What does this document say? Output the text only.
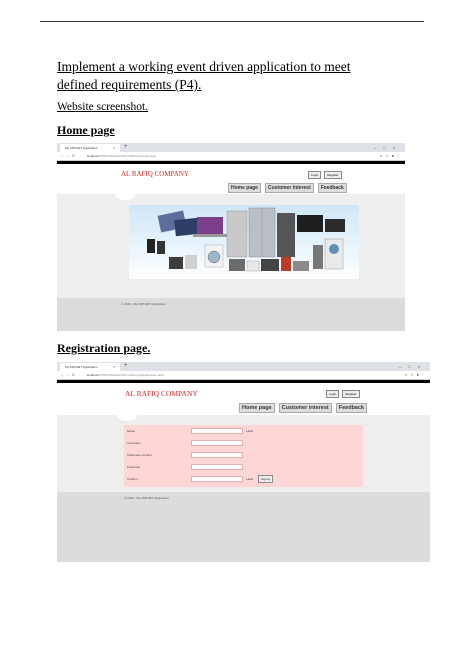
Implement a working event driven application to meet defined requirements (P4).
Website screenshot.
Home page
My ASP.NET Application	× +	–□×
←→C	localhost:55051/WebSite%20-%20Copy/Home.aspx	⌕☆●⋮
AL RAFIQ COMPANY	Login	Register
Home page	Customer interest	Feedback
© 2019 - My ASP.NET Application
Registration page.
My ASP.NET Application	× +	–□×
←→C	localhost:55051/WebSite%20-%20Copy/Registration.aspx	⌕☆●⋮
AL RAFIQ COMPANY	Login	Register
Home page	Customer interest	Feedback
Name	Label
Username
Telephone number
Password
Confirm	Label	Signup
© 2019 - My ASP.NET Application
